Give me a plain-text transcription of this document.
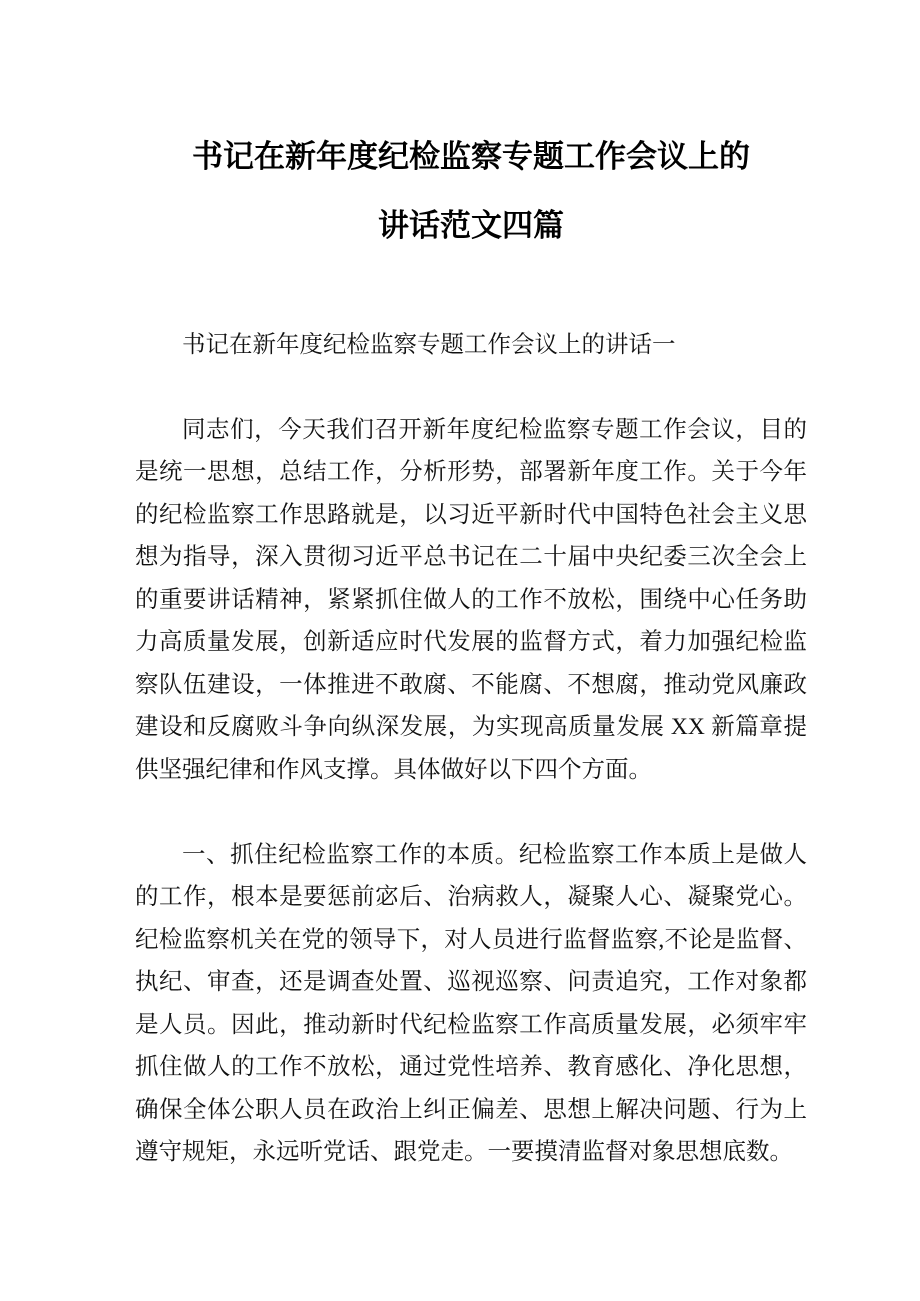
书记在新年度纪检监察专题工作会议上的
讲话范文四篇
书记在新年度纪检监察专题工作会议上的讲话一
同志们，今天我们召开新年度纪检监察专题工作会议，目的是统一思想，总结工作，分析形势，部署新年度工作。关于今年的纪检监察工作思路就是，以习近平新时代中国特色社会主义思想为指导，深入贯彻习近平总书记在二十届中央纪委三次全会上的重要讲话精神，紧紧抓住做人的工作不放松，围绕中心任务助力高质量发展，创新适应时代发展的监督方式，着力加强纪检监察队伍建设，一体推进不敢腐、不能腐、不想腐，推动党风廉政建设和反腐败斗争向纵深发展，为实现高质量发展 XX 新篇章提供坚强纪律和作风支撑。具体做好以下四个方面。
一、抓住纪检监察工作的本质。纪检监察工作本质上是做人的工作，根本是要惩前宓后、治病救人，凝聚人心、凝聚党心。纪检监察机关在党的领导下，对人员进行监督监察,不论是监督、执纪、审查，还是调查处置、巡视巡察、问责追究，工作对象都是人员。因此，推动新时代纪检监察工作高质量发展，必须牢牢抓住做人的工作不放松，通过党性培养、教育感化、净化思想，确保全体公职人员在政治上纠正偏差、思想上解决问题、行为上遵守规矩，永远听党话、跟党走。一要摸清监督对象思想底数。
